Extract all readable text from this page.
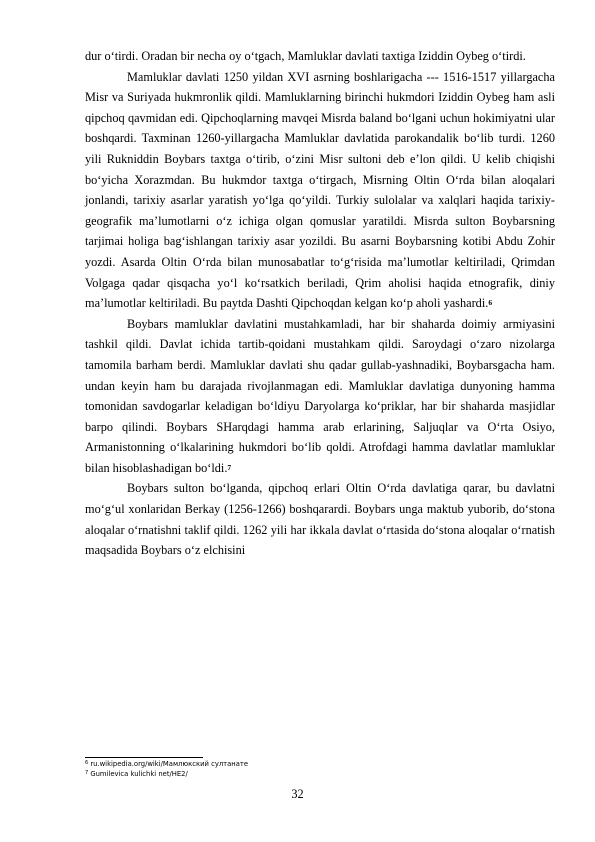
dur o‘tirdi. Oradan bir necha oy o‘tgach, Mamluklar davlati taxtiga Iziddin Oybeg o‘tirdi.

Mamluklar davlati 1250 yildan XVI asrning boshlarigacha --- 1516-1517 yillargacha Misr va Suriyada hukmronlik qildi. Mamluklarning birinchi hukmdori Iziddin Oybeg ham asli qipchoq qavmidan edi. Qipchoqlarning mavqei Misrda baland bo‘lgani uchun hokimiyatni ular boshqardi. Taxminan 1260-yillargacha Mamluklar davlatida parokandalik bo‘lib turdi. 1260 yili Rukniddin Boybars taxtga o‘tirib, o‘zini Misr sultoni deb e’lon qildi. U kelib chiqishi bo‘yicha Xorazmdan. Bu hukmdor taxtga o‘tirgach, Misrning Oltin O‘rda bilan aloqalari jonlandi, tarixiy asarlar yaratish yo‘lga qo‘yildi. Turkiy sulolalar va xalqlari haqida tarixiy-geografik ma’lumotlarni o‘z ichiga olgan qomuslar yaratildi. Misrda sulton Boybarsning tarjimai holiga bag‘ishlangan tarixiy asar yozildi. Bu asarni Boybarsning kotibi Abdu Zohir yozdi. Asarda Oltin O‘rda bilan munosabatlar to‘g‘risida ma’lumotlar keltiriladi, Qrimdan Volgaga qadar qisqacha yo‘l ko‘rsatkich beriladi, Qrim aholisi haqida etnografik, diniy ma’lumotlar keltiriladi. Bu paytda Dashti Qipchoqdan kelgan ko‘p aholi yashardi.$^6$

Boybars mamluklar davlatini mustahkamladi, har bir shaharda doimiy armiyasini tashkil qildi. Davlat ichida tartib-qoidani mustahkam qildi. Saroydagi o‘zaro nizolarga tamomila barham berdi. Mamluklar davlati shu qadar gullab-yashnadiki, Boybarsgacha ham. undan keyin ham bu darajada rivojlanmagan edi. Mamluklar davlatiga dunyoning hamma tomonidan savdogarlar keladigan bo‘ldiyu Daryolarga ko‘priklar, har bir shaharda masjidlar barpo qilindi. Boybars SHarqdagi hamma arab erlarining, Saljuqlar va O‘rta Osiyo, Armanistonning o‘lkalarining hukmdori bo‘lib qoldi. Atrofdagi hamma davlatlar mamluklar bilan hisoblashadigan bo‘ldi.$^7$

Boybars sulton bo‘lganda, qipchoq erlari Oltin O‘rda davlatiga qarar, bu davlatni mo‘g‘ul xonlaridan Berkay (1256-1266) boshqarardi. Boybars unga maktub yuborib, do‘stona aloqalar o‘rnatishni taklif qildi. 1262 yili har ikkala davlat o‘rtasida do‘stona aloqalar o‘rnatish maqsadida Boybars o‘z elchisini

$^6$ ru.wikipedia.org/wiki/Мамлюкский султанатe
$^7$ Gumilevica kulichki net/HE2/
32
